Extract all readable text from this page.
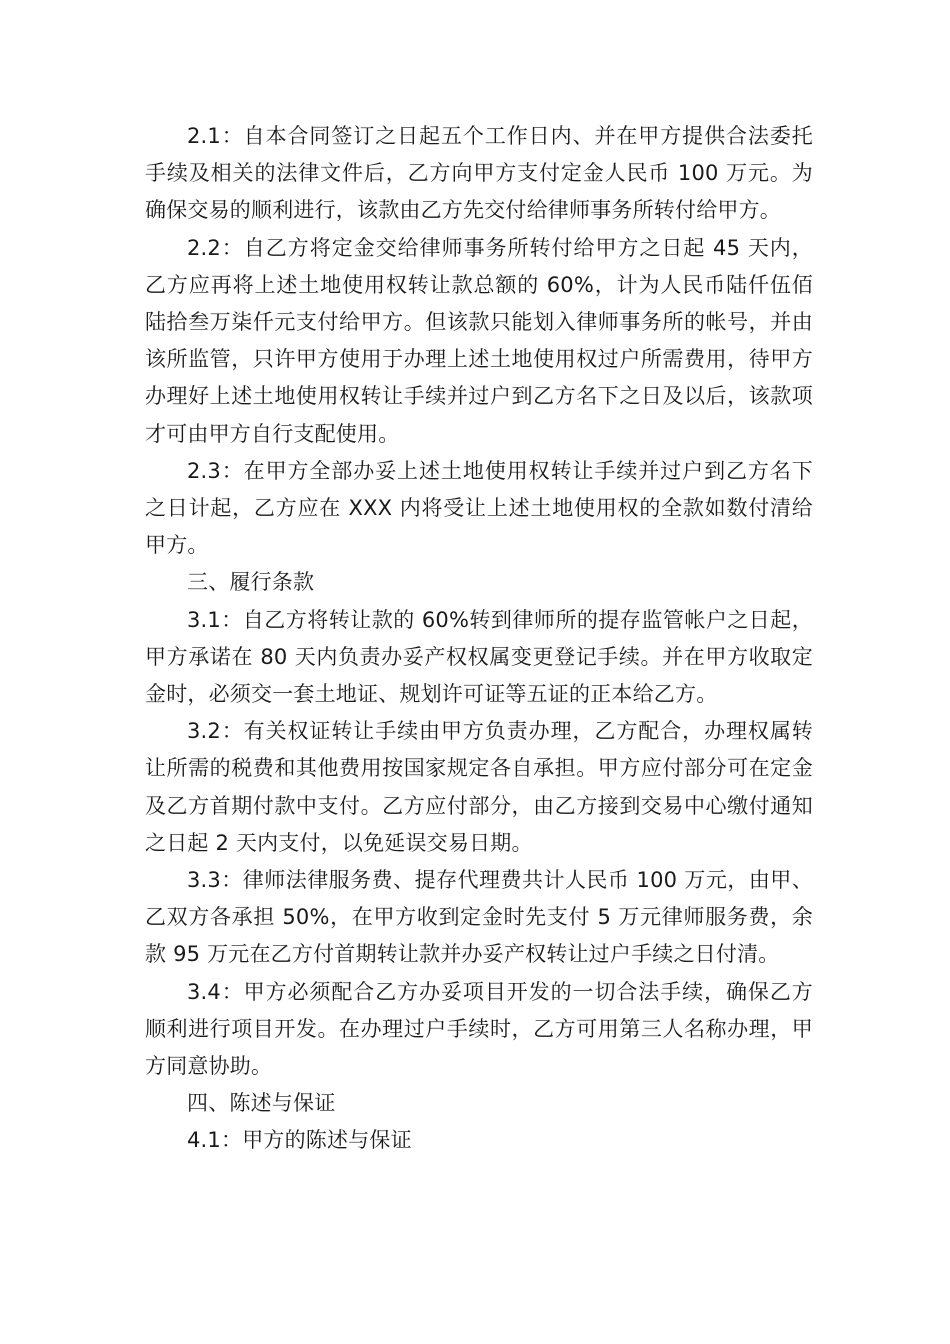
2.1：自本合同签订之日起五个工作日内、并在甲方提供合法委托手续及相关的法律文件后，乙方向甲方支付定金人民币 100 万元。为确保交易的顺利进行，该款由乙方先交付给律师事务所转付给甲方。

2.2：自乙方将定金交给律师事务所转付给甲方之日起 45 天内，乙方应再将上述土地使用权转让款总额的 60%，计为人民币陆仟伍佰陆拾叁万柒仟元支付给甲方。但该款只能划入律师事务所的帐号，并由该所监管，只许甲方使用于办理上述土地使用权过户所需费用，待甲方办理好上述土地使用权转让手续并过户到乙方名下之日及以后，该款项才可由甲方自行支配使用。

2.3：在甲方全部办妥上述土地使用权转让手续并过户到乙方名下之日计起，乙方应在 XXX 内将受让上述土地使用权的全款如数付清给甲方。

三、履行条款

3.1：自乙方将转让款的 60%转到律师所的提存监管帐户之日起，甲方承诺在 80 天内负责办妥产权权属变更登记手续。并在甲方收取定金时，必须交一套土地证、规划许可证等五证的正本给乙方。

3.2：有关权证转让手续由甲方负责办理，乙方配合，办理权属转让所需的税费和其他费用按国家规定各自承担。甲方应付部分可在定金及乙方首期付款中支付。乙方应付部分，由乙方接到交易中心缴付通知之日起 2 天内支付，以免延误交易日期。

3.3：律师法律服务费、提存代理费共计人民币 100 万元，由甲、乙双方各承担 50%，在甲方收到定金时先支付 5 万元律师服务费，余款 95 万元在乙方付首期转让款并办妥产权转让过户手续之日付清。

3.4：甲方必须配合乙方办妥项目开发的一切合法手续，确保乙方顺利进行项目开发。在办理过户手续时，乙方可用第三人名称办理，甲方同意协助。

四、陈述与保证

4.1：甲方的陈述与保证
